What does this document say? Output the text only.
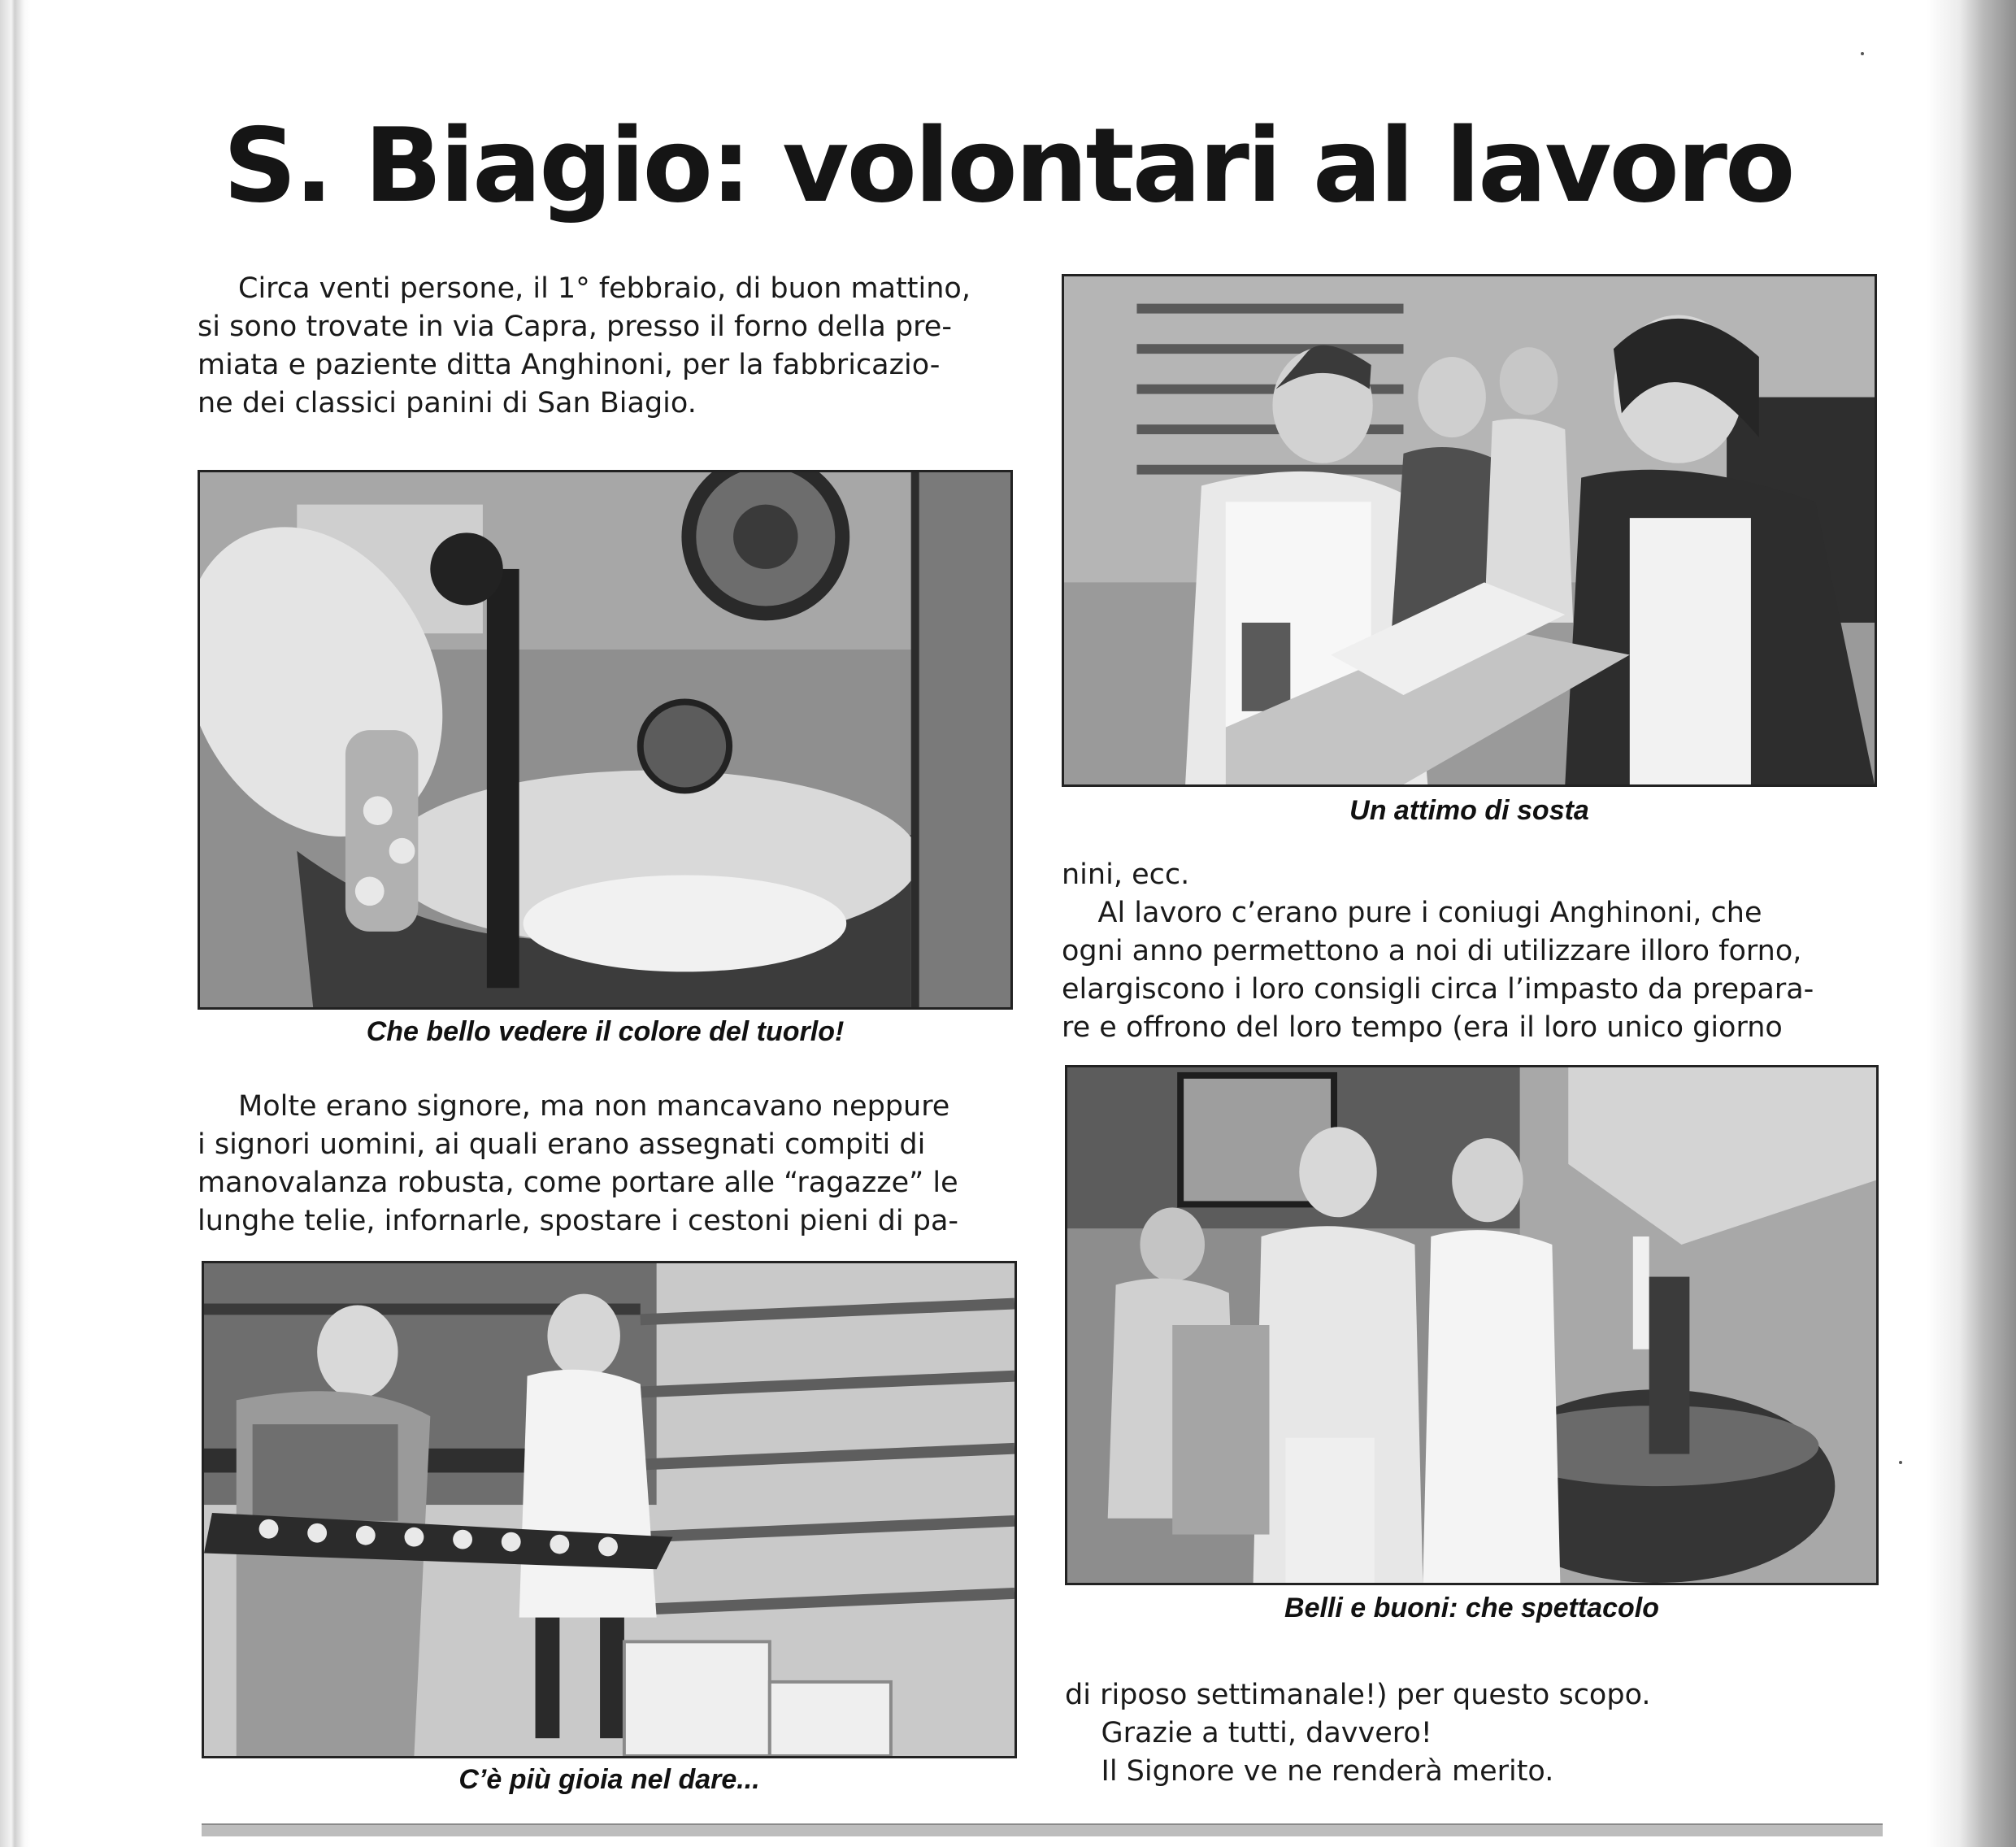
S. Biagio: volontari al lavoro

Circa venti persone, il 1° febbraio, di buon mattino,
si sono trovate in via Capra, presso il forno della pre-
miata e paziente ditta Anghinoni, per la fabbricazio-
ne dei classici panini di San Biagio.

Che bello vedere il colore del tuorlo!

Un attimo di sosta

nini, ecc.
Al lavoro c’erano pure i coniugi Anghinoni, che
ogni anno permettono a noi di utilizzare illoro forno,
elargiscono i loro consigli circa l’impasto da prepara-
re e offrono del loro tempo (era il loro unico giorno

Molte erano signore, ma non mancavano neppure
i signori uomini, ai quali erano assegnati compiti di
manovalanza robusta, come portare alle “ragazze” le
lunghe telie, infornarle, spostare i cestoni pieni di pa-

C’è più gioia nel dare...

Belli e buoni: che spettacolo

di riposo settimanale!) per questo scopo.
Grazie a tutti, davvero!
Il Signore ve ne renderà merito.
